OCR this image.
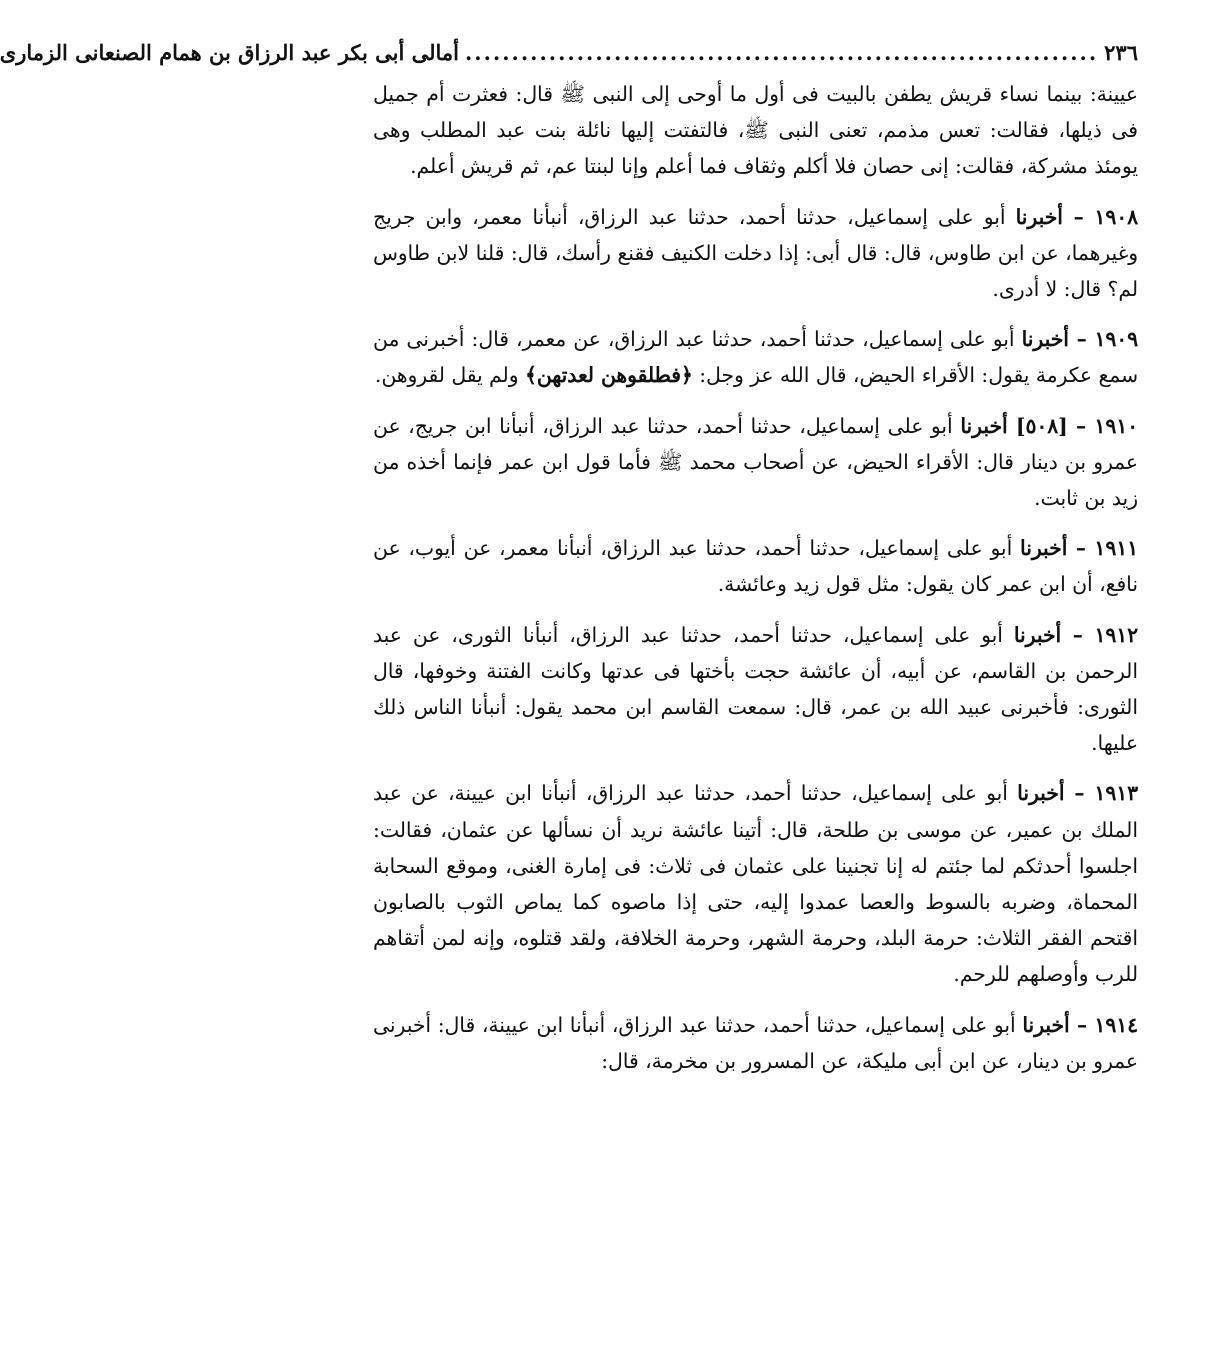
٢٣٦
....................................................................
أمالى أبى بكر عبد الرزاق بن همام الصنعانى الزمارى

عيينة: بينما نساء قريش يطفن بالبيت فى أول ما أوحى إلى النبى ﷺ قال: فعثرت أم جميل فى ذيلها، فقالت: تعس مذمم، تعنى النبى ﷺ، فالتفتت إليها نائلة بنت عبد المطلب وهى يومئذ مشركة، فقالت: إنى حصان فلا أكلم وثقاف فما أعلم وإنا لبنتا عم، ثم قريش أعلم.

١٩٠٨ – أخبرنا أبو على إسماعيل، حدثنا أحمد، حدثنا عبد الرزاق، أنبأنا معمر، وابن جريج وغيرهما، عن ابن طاوس، قال: قال أبى: إذا دخلت الكنيف فقنع رأسك، قال: قلنا لابن طاوس لم؟ قال: لا أدرى.

١٩٠٩ – أخبرنا أبو على إسماعيل، حدثنا أحمد، حدثنا عبد الرزاق، عن معمر، قال: أخبرنى من سمع عكرمة يقول: الأقراء الحيض، قال الله عز وجل: ﴿فطلقوهن لعدتهن﴾ ولم يقل لقروهن.

١٩١٠ – [٥٠٨] أخبرنا أبو على إسماعيل، حدثنا أحمد، حدثنا عبد الرزاق، أنبأنا ابن جريج، عن عمرو بن دينار قال: الأقراء الحيض، عن أصحاب محمد ﷺ فأما قول ابن عمر فإنما أخذه من زيد بن ثابت.

١٩١١ – أخبرنا أبو على إسماعيل، حدثنا أحمد، حدثنا عبد الرزاق، أنبأنا معمر، عن أيوب، عن نافع، أن ابن عمر كان يقول: مثل قول زيد وعائشة.

١٩١٢ – أخبرنا أبو على إسماعيل، حدثنا أحمد، حدثنا عبد الرزاق، أنبأنا الثورى، عن عبد الرحمن بن القاسم، عن أبيه، أن عائشة حجت بأختها فى عدتها وكانت الفتنة وخوفها، قال الثورى: فأخبرنى عبيد الله بن عمر، قال: سمعت القاسم ابن محمد يقول: أنبأنا الناس ذلك عليها.

١٩١٣ – أخبرنا أبو على إسماعيل، حدثنا أحمد، حدثنا عبد الرزاق، أنبأنا ابن عيينة، عن عبد الملك بن عمير، عن موسى بن طلحة، قال: أتينا عائشة نريد أن نسألها عن عثمان، فقالت: اجلسوا أحدثكم لما جئتم له إنا تجنينا على عثمان فى ثلاث: فى إمارة الغنى، وموقع السحابة المحماة، وضربه بالسوط والعصا عمدوا إليه، حتى إذا ماصوه كما يماص الثوب بالصابون اقتحم الفقر الثلاث: حرمة البلد، وحرمة الشهر، وحرمة الخلافة، ولقد قتلوه، وإنه لمن أتقاهم للرب وأوصلهم للرحم.

١٩١٤ – أخبرنا أبو على إسماعيل، حدثنا أحمد، حدثنا عبد الرزاق، أنبأنا ابن عيينة، قال: أخبرنى عمرو بن دينار، عن ابن أبى مليكة، عن المسرور بن مخرمة، قال:
